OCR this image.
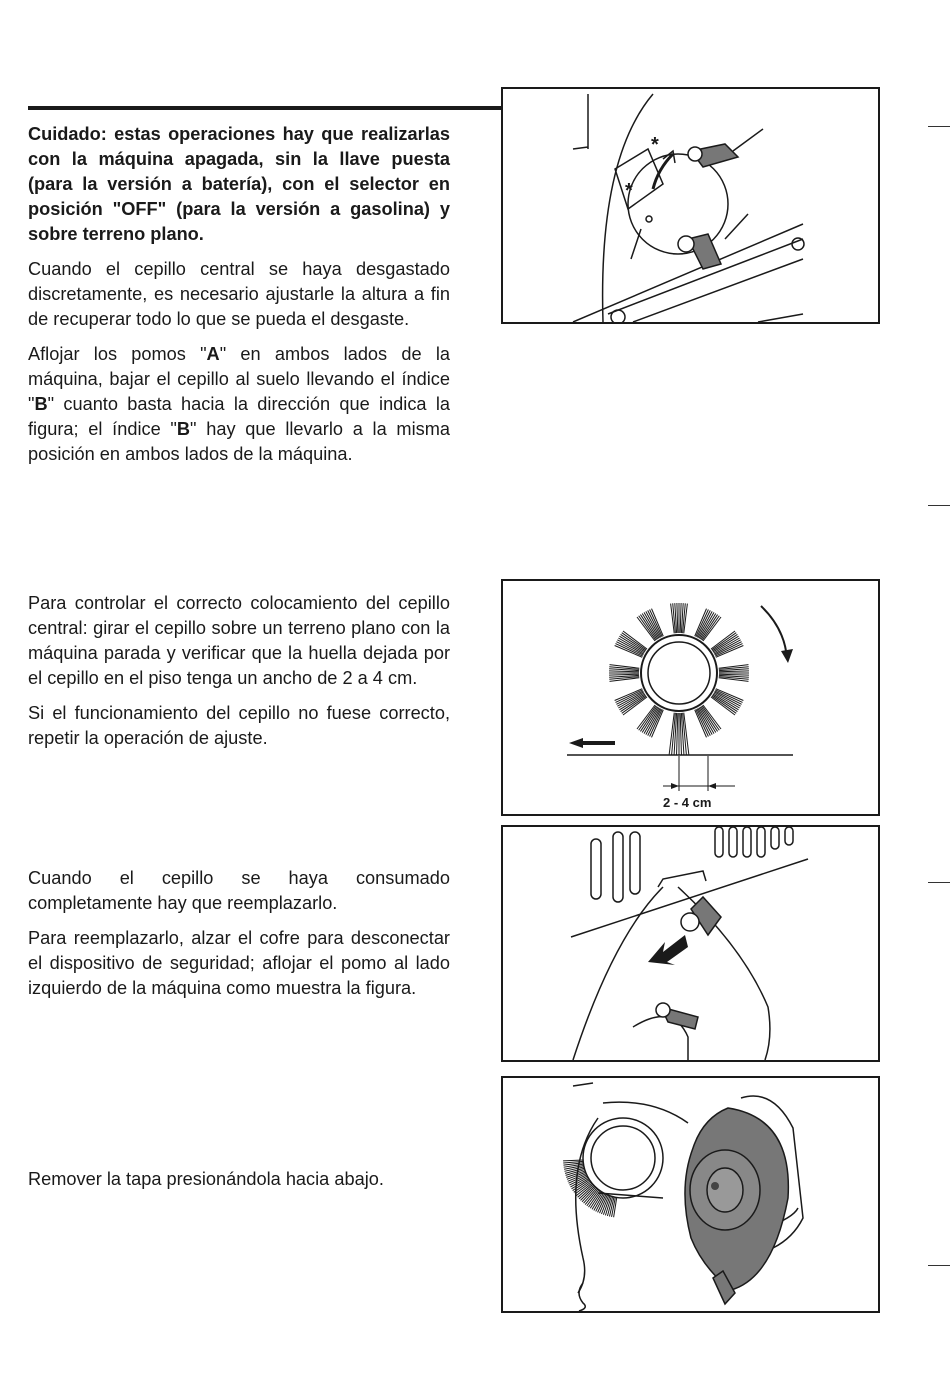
Cuidado: estas operaciones hay que realizarlas con la máquina apagada, sin la llave puesta (para la versión a batería), con el selector en posición "OFF" (para la versión a gasolina) y sobre terreno plano.

Cuando el cepillo central se haya desgastado discretamente, es necesario ajustarle la altura a fin de recuperar todo lo que se pueda el desgaste.

Aflojar los pomos "A" en ambos lados de la máquina, bajar el cepillo al suelo llevando el índice "B" cuanto basta hacia la dirección que indica la figura; el índice "B" hay que llevarlo a la misma posición en ambos lados de la máquina.

*
*

Para controlar el correcto colocamiento del cepillo central: girar el cepillo sobre un terreno plano con la máquina parada y verificar que la huella dejada por el cepillo en el piso tenga un ancho de 2 a 4 cm.

Si el funcionamiento del cepillo no fuese correcto, repetir la operación de ajuste.

2 - 4 cm

Cuando el cepillo se haya consumado completamente hay que reemplazarlo.

Para reemplazarlo, alzar el cofre para desconectar el dispositivo de seguridad; aflojar el pomo al lado izquierdo de la máquina como muestra la figura.

Remover la tapa presionándola hacia abajo.
